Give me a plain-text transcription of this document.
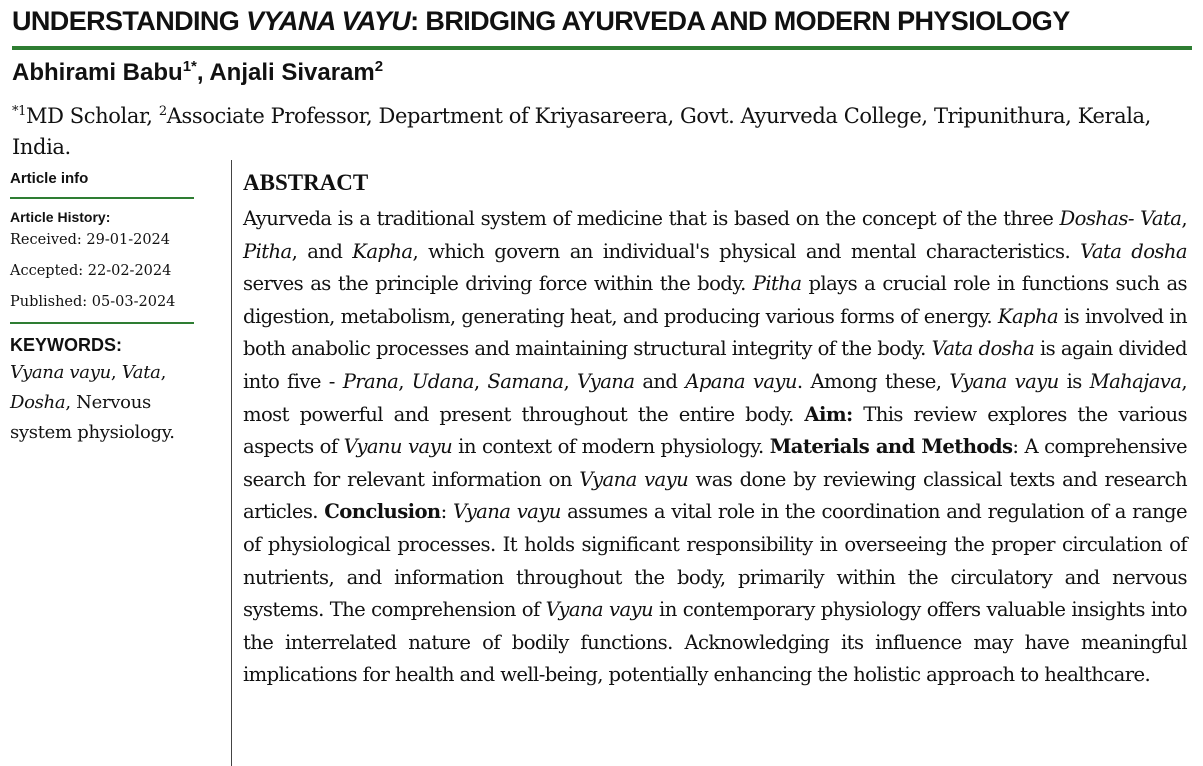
UNDERSTANDING VYANA VAYU: BRIDGING AYURVEDA AND MODERN PHYSIOLOGY
Abhirami Babu$^{1*}$, Anjali Sivaram$^2$
$^{*1}$MD Scholar, $^2$Associate Professor, Department of Kriyasareera, Govt. Ayurveda College, Tripunithura, Kerala, India.
Article info
Article History:
Received: 29-01-2024
Accepted: 22-02-2024
Published: 05-03-2024
KEYWORDS:
Vyana vayu, Vata, Dosha, Nervous system physiology.
ABSTRACT
Ayurveda is a traditional system of medicine that is based on the concept of the three Doshas- Vata, Pitha, and Kapha, which govern an individual's physical and mental characteristics. Vata dosha serves as the principle driving force within the body. Pitha plays a crucial role in functions such as digestion, metabolism, generating heat, and producing various forms of energy. Kapha is involved in both anabolic processes and maintaining structural integrity of the body. Vata dosha is again divided into five - Prana, Udana, Samana, Vyana and Apana vayu. Among these, Vyana vayu is Mahajava, most powerful and present throughout the entire body. Aim: This review explores the various aspects of Vyanu vayu in context of modern physiology. Materials and Methods: A comprehensive search for relevant information on Vyana vayu was done by reviewing classical texts and research articles. Conclusion: Vyana vayu assumes a vital role in the coordination and regulation of a range of physiological processes. It holds significant responsibility in overseeing the proper circulation of nutrients, and information throughout the body, primarily within the circulatory and nervous systems. The comprehension of Vyana vayu in contemporary physiology offers valuable insights into the interrelated nature of bodily functions. Acknowledging its influence may have meaningful implications for health and well-being, potentially enhancing the holistic approach to healthcare.
